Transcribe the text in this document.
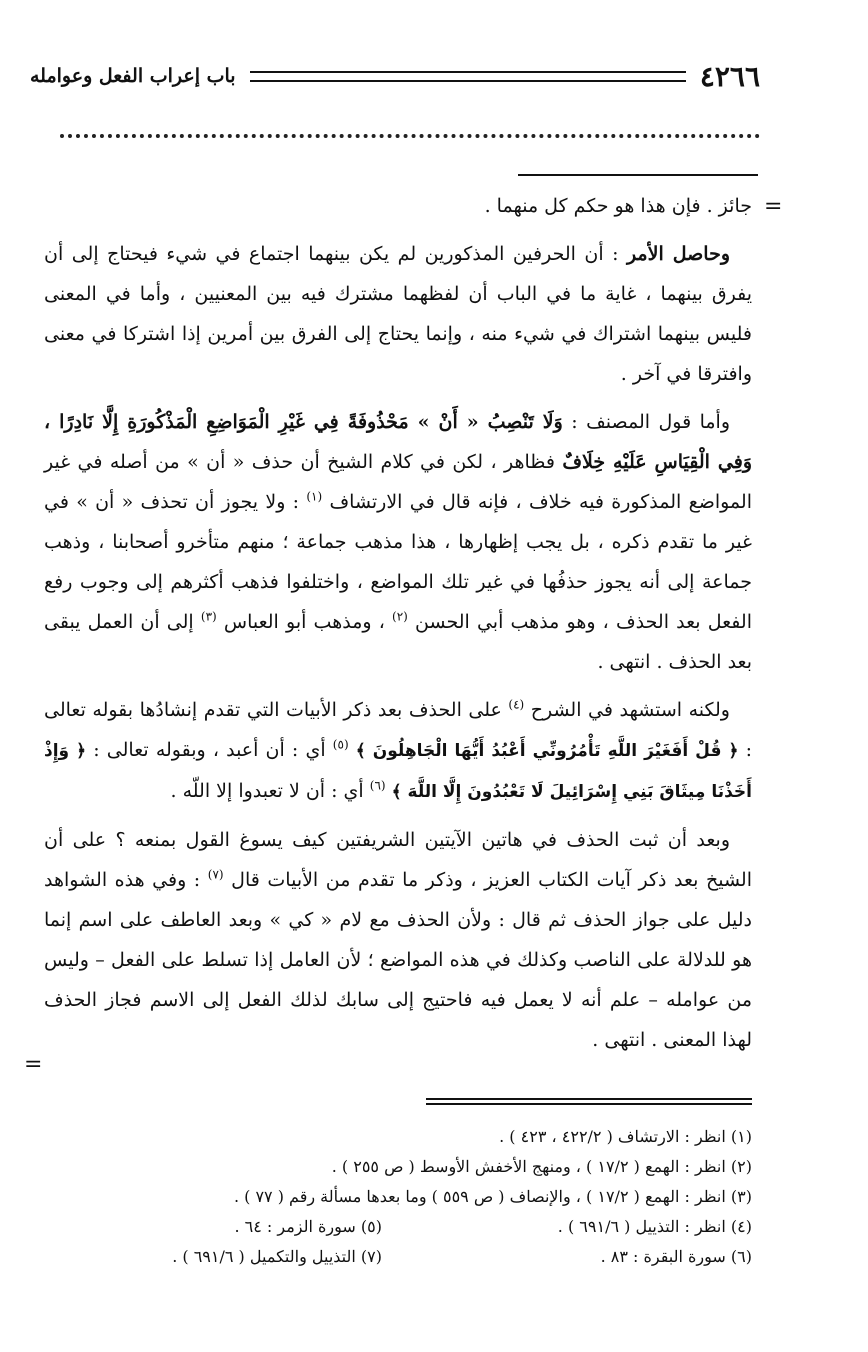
٤٢٦٦
باب إعراب الفعل وعوامله
=
=

جائز . فإن هذا هو حكم كل منهما .

وحاصل الأمر : أن الحرفين المذكورين لم يكن بينهما اجتماع في شيء فيحتاج إلى أن يفرق بينهما ، غاية ما في الباب أن لفظهما مشترك فيه بين المعنيين ، وأما في المعنى فليس بينهما اشتراك في شيء منه ، وإنما يحتاج إلى الفرق بين أمرين إذا اشتركا في معنى وافترقا في آخر .

وأما قول المصنف : وَلَا تَنْصِبُ « أَنْ » مَحْذُوفَةً فِي غَيْرِ الْمَوَاضِعِ الْمَذْكُورَةِ إِلَّا نَادِرًا ، وَفِي الْقِيَاسِ عَلَيْهِ خِلَافٌ فظاهر ، لكن في كلام الشيخ أن حذف « أن » من أصله في غير المواضع المذكورة فيه خلاف ، فإنه قال في الارتشاف $^{(١)}$ : ولا يجوز أن تحذف « أن » في غير ما تقدم ذكره ، بل يجب إظهارها ، هذا مذهب جماعة ؛ منهم متأخرو أصحابنا ، وذهب جماعة إلى أنه يجوز حذفُها في غير تلك المواضع ، واختلفوا فذهب أكثرهم إلى وجوب رفع الفعل بعد الحذف ، وهو مذهب أبي الحسن $^{(٢)}$ ، ومذهب أبو العباس $^{(٣)}$ إلى أن العمل يبقى بعد الحذف . انتهى .

ولكنه استشهد في الشرح $^{(٤)}$ على الحذف بعد ذكر الأبيات التي تقدم إنشادُها بقوله تعالى : ﴿ قُلْ أَفَغَيْرَ اللَّهِ تَأْمُرُونِّي أَعْبُدُ أَيُّهَا الْجَاهِلُونَ ﴾ $^{(٥)}$ أي : أن أعبد ، وبقوله تعالى : ﴿ وَإِذْ أَخَذْنَا مِيثَاقَ بَنِي إِسْرَائِيلَ لَا تَعْبُدُونَ إِلَّا اللَّهَ ﴾ $^{(٦)}$ أي : أن لا تعبدوا إلا اللّه .

وبعد أن ثبت الحذف في هاتين الآيتين الشريفتين كيف يسوغ القول بمنعه ؟ على أن الشيخ بعد ذكر آيات الكتاب العزيز ، وذكر ما تقدم من الأبيات قال $^{(٧)}$ : وفي هذه الشواهد دليل على جواز الحذف ثم قال : ولأن الحذف مع لام « كي » وبعد العاطف على اسم إنما هو للدلالة على الناصب وكذلك في هذه المواضع ؛ لأن العامل إذا تسلط على الفعل – وليس من عوامله – علم أنه لا يعمل فيه فاحتيج إلى سابك لذلك الفعل إلى الاسم فجاز الحذف لهذا المعنى . انتهى .

(١) انظر : الارتشاف ( ٤٢٢/٢ ، ٤٢٣ ) .
(٢) انظر : الهمع ( ١٧/٢ ) ، ومنهج الأخفش الأوسط ( ص ٢٥٥ ) .
(٣) انظر : الهمع ( ١٧/٢ ) ، والإنصاف ( ص ٥٥٩ ) وما بعدها مسألة رقم ( ٧٧ ) .
(٤) انظر : التذييل ( ٦٩١/٦ ) .
(٥) سورة الزمر : ٦٤ .
(٦) سورة البقرة : ٨٣ .
(٧) التذييل والتكميل ( ٦٩١/٦ ) .
